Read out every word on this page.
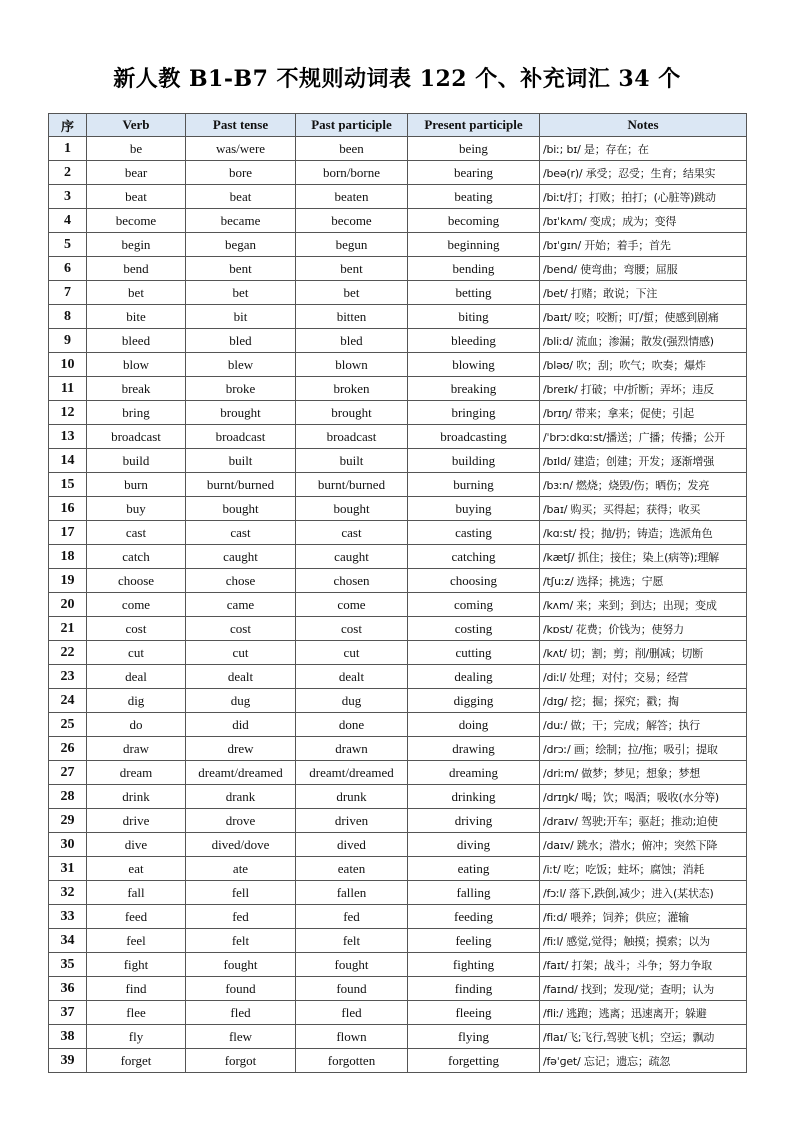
新人教 B1-B7 不规则动词表 122 个、补充词汇 34 个
序	Verb	Past tense	Past participle	Present participle	Notes
1	be	was/were	been	being	/biː; bɪ/ 是；存在；在
2	bear	bore	born/borne	bearing	/beə(r)/ 承受；忍受；生育；结果实
3	beat	beat	beaten	beating	/biːt/打；打败；拍打；(心脏等)跳动
4	become	became	become	becoming	/bɪˈkʌm/ 变成；成为；变得
5	begin	began	begun	beginning	/bɪˈɡɪn/ 开始；着手；首先
6	bend	bent	bent	bending	/bend/ 使弯曲；弯腰；屈服
7	bet	bet	bet	betting	/bet/ 打赌；敢说；下注
8	bite	bit	bitten	biting	/baɪt/ 咬；咬断；叮/蜇；使感到剧痛
9	bleed	bled	bled	bleeding	/bliːd/ 流血；渗漏；散发(强烈情感)
10	blow	blew	blown	blowing	/bləʊ/ 吹；刮；吹气；吹奏；爆炸
11	break	broke	broken	breaking	/breɪk/ 打破；中/折断；弄坏；违反
12	bring	brought	brought	bringing	/brɪŋ/ 带来；拿来；促使；引起
13	broadcast	broadcast	broadcast	broadcasting	/ˈbrɔːdkɑːst/播送；广播；传播；公开
14	build	built	built	building	/bɪld/ 建造；创建；开发；逐渐增强
15	burn	burnt/burned	burnt/burned	burning	/bɜːn/ 燃烧；烧毁/伤；晒伤；发亮
16	buy	bought	bought	buying	/baɪ/ 购买；买得起；获得；收买
17	cast	cast	cast	casting	/kɑːst/ 投；抛/扔；铸造；选派角色
18	catch	caught	caught	catching	/kætʃ/ 抓住；接住；染上(病等);理解
19	choose	chose	chosen	choosing	/tʃuːz/ 选择；挑选；宁愿
20	come	came	come	coming	/kʌm/ 来；来到；到达；出现；变成
21	cost	cost	cost	costing	/kɒst/ 花费；价钱为；使努力
22	cut	cut	cut	cutting	/kʌt/ 切；割；剪；削/删减；切断
23	deal	dealt	dealt	dealing	/diːl/ 处理；对付；交易；经营
24	dig	dug	dug	digging	/dɪɡ/ 挖；掘；探究；戳；掏
25	do	did	done	doing	/duː/ 做；干；完成；解答；执行
26	draw	drew	drawn	drawing	/drɔː/ 画；绘制；拉/拖；吸引；提取
27	dream	dreamt/dreamed	dreamt/dreamed	dreaming	/driːm/ 做梦；梦见；想象；梦想
28	drink	drank	drunk	drinking	/drɪŋk/ 喝；饮；喝酒；吸收(水分等)
29	drive	drove	driven	driving	/draɪv/ 驾驶;开车；驱赶；推动;迫使
30	dive	dived/dove	dived	diving	/daɪv/ 跳水；潜水；俯冲；突然下降
31	eat	ate	eaten	eating	/iːt/ 吃；吃饭；蛀坏；腐蚀；消耗
32	fall	fell	fallen	falling	/fɔːl/ 落下,跌倒,减少；进入(某状态)
33	feed	fed	fed	feeding	/fiːd/ 喂养；饲养；供应；灌输
34	feel	felt	felt	feeling	/fiːl/ 感觉,觉得；触摸；摸索；以为
35	fight	fought	fought	fighting	/faɪt/ 打架；战斗；斗争；努力争取
36	find	found	found	finding	/faɪnd/ 找到；发现/觉；查明；认为
37	flee	fled	fled	fleeing	/fliː/ 逃跑；逃离；迅速离开；躲避
38	fly	flew	flown	flying	/flaɪ/飞;飞行,驾驶飞机；空运；飘动
39	forget	forgot	forgotten	forgetting	/fəˈɡet/ 忘记；遗忘；疏忽
